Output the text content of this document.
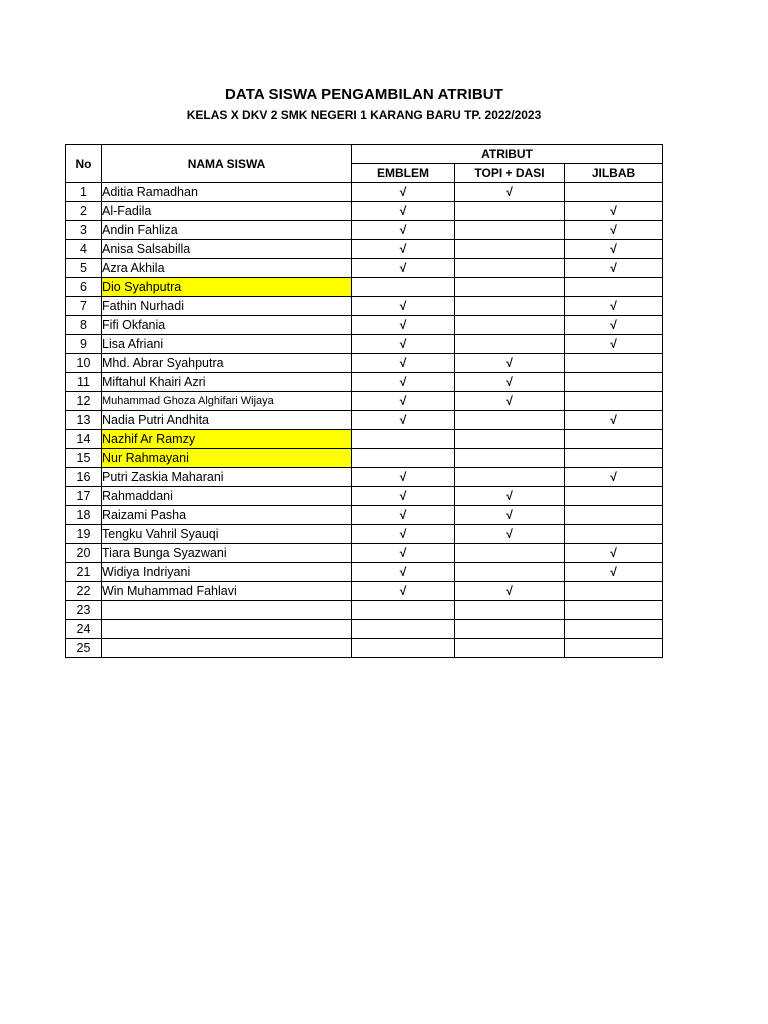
DATA SISWA PENGAMBILAN ATRIBUT
KELAS X DKV 2 SMK NEGERI 1 KARANG BARU TP. 2022/2023
No	NAMA SISWA	ATRIBUT		
		EMBLEM	TOPI + DASI	JILBAB
1	Aditia Ramadhan	√	√	
2	Al-Fadila	√		√
3	Andin Fahliza	√		√
4	Anisa Salsabilla	√		√
5	Azra Akhila	√		√
6	Dio Syahputra			
7	Fathin Nurhadi	√		√
8	Fifi Okfania	√		√
9	Lisa Afriani	√		√
10	Mhd. Abrar Syahputra	√	√	
11	Miftahul Khairi Azri	√	√	
12	Muhammad Ghoza Alghifari Wijaya	√	√	
13	Nadia Putri Andhita	√		√
14	Nazhif Ar Ramzy			
15	Nur Rahmayani			
16	Putri Zaskia Maharani	√		√
17	Rahmaddani	√	√	
18	Raizami Pasha	√	√	
19	Tengku Vahril Syauqi	√	√	
20	Tiara Bunga Syazwani	√		√
21	Widiya Indriyani	√		√
22	Win Muhammad Fahlavi	√	√	
23				
24				
25				
